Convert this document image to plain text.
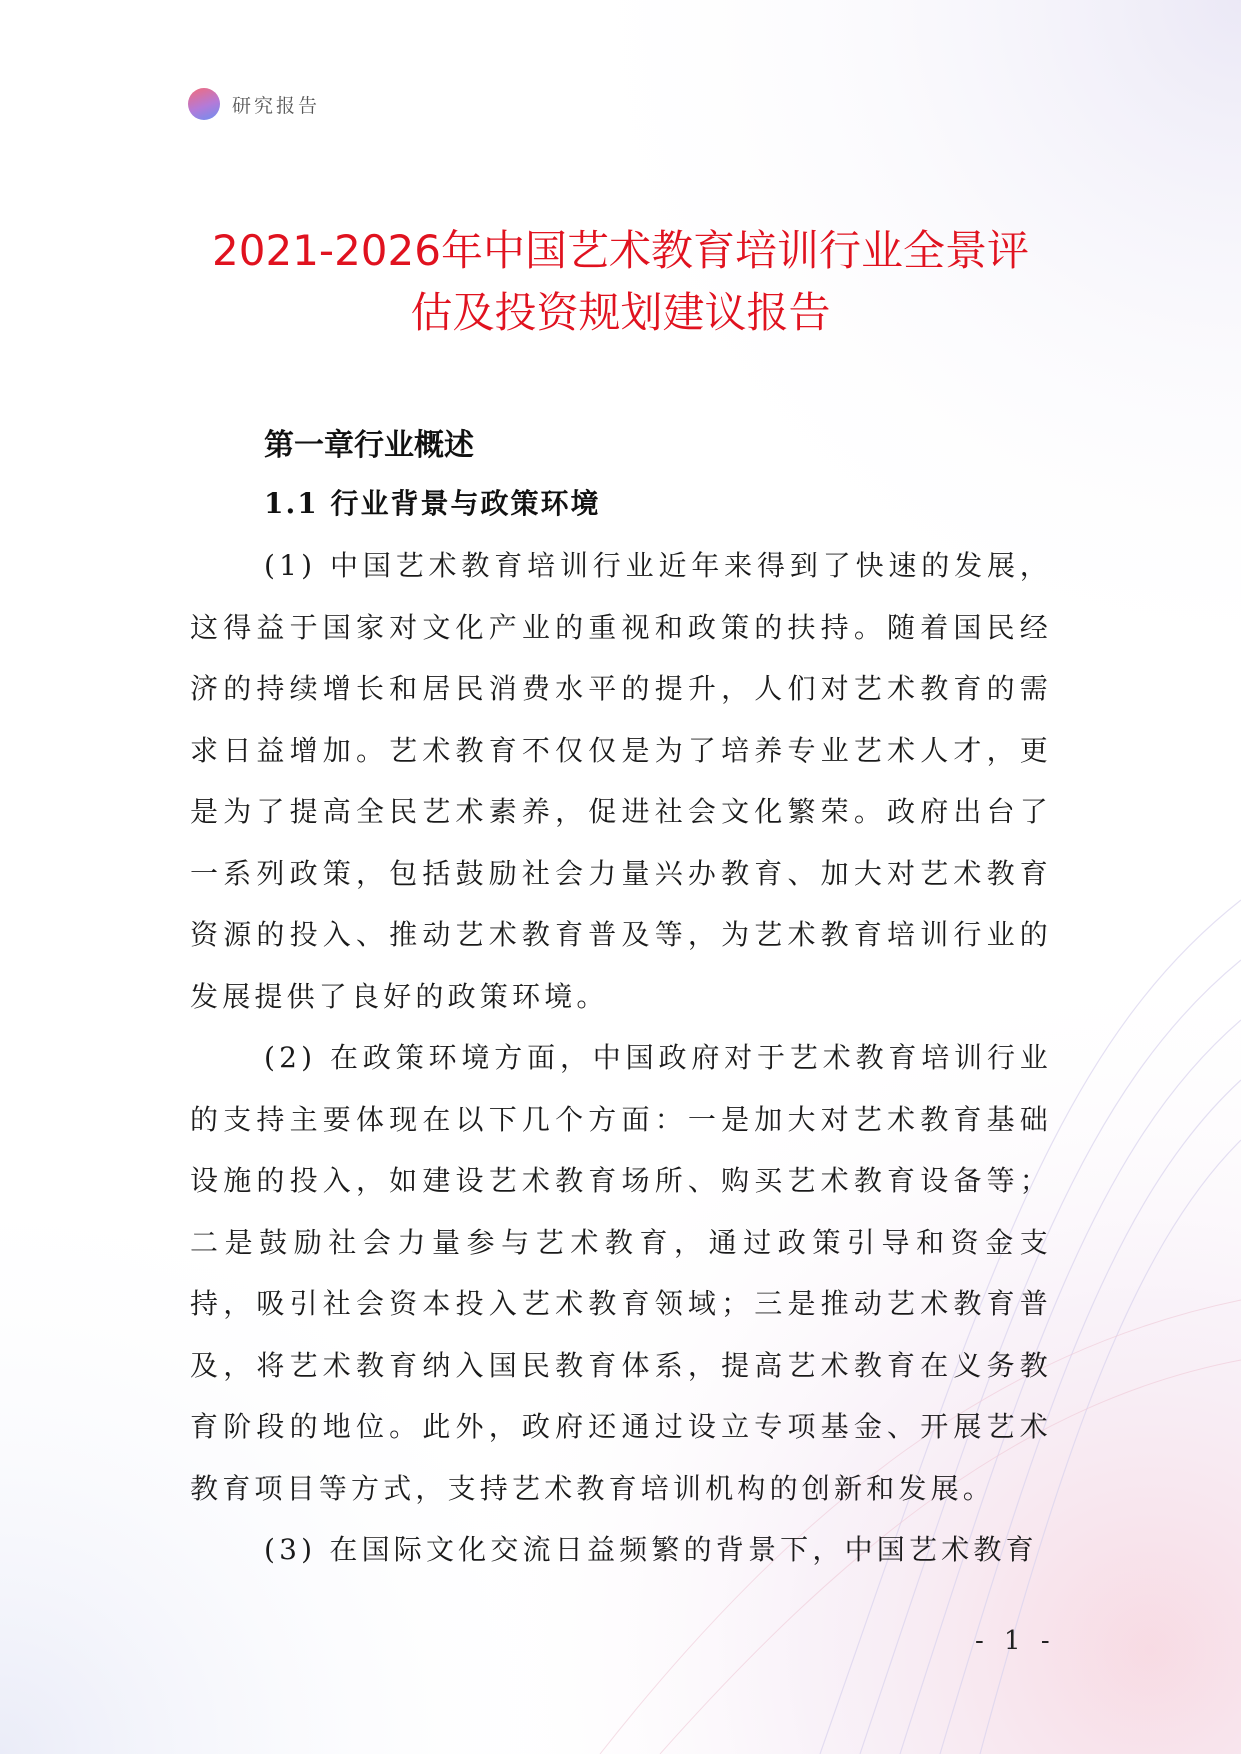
研究报告
2021-2026年中国艺术教育培训行业全景评
估及投资规划建议报告
第一章行业概述
1.1 行业背景与政策环境

(1) 中国艺术教育培训行业近年来得到了快速的发展，这得益于国家对文化产业的重视和政策的扶持。随着国民经济的持续增长和居民消费水平的提升，人们对艺术教育的需求日益增加。艺术教育不仅仅是为了培养专业艺术人才，更是为了提高全民艺术素养，促进社会文化繁荣。政府出台了一系列政策，包括鼓励社会力量兴办教育、加大对艺术教育资源的投入、推动艺术教育普及等，为艺术教育培训行业的发展提供了良好的政策环境。

(2) 在政策环境方面，中国政府对于艺术教育培训行业的支持主要体现在以下几个方面：一是加大对艺术教育基础设施的投入，如建设艺术教育场所、购买艺术教育设备等；二是鼓励社会力量参与艺术教育，通过政策引导和资金支持，吸引社会资本投入艺术教育领域；三是推动艺术教育普及，将艺术教育纳入国民教育体系，提高艺术教育在义务教育阶段的地位。此外，政府还通过设立专项基金、开展艺术教育项目等方式，支持艺术教育培训机构的创新和发展。

(3) 在国际文化交流日益频繁的背景下，中国艺术教育

- 1 -
